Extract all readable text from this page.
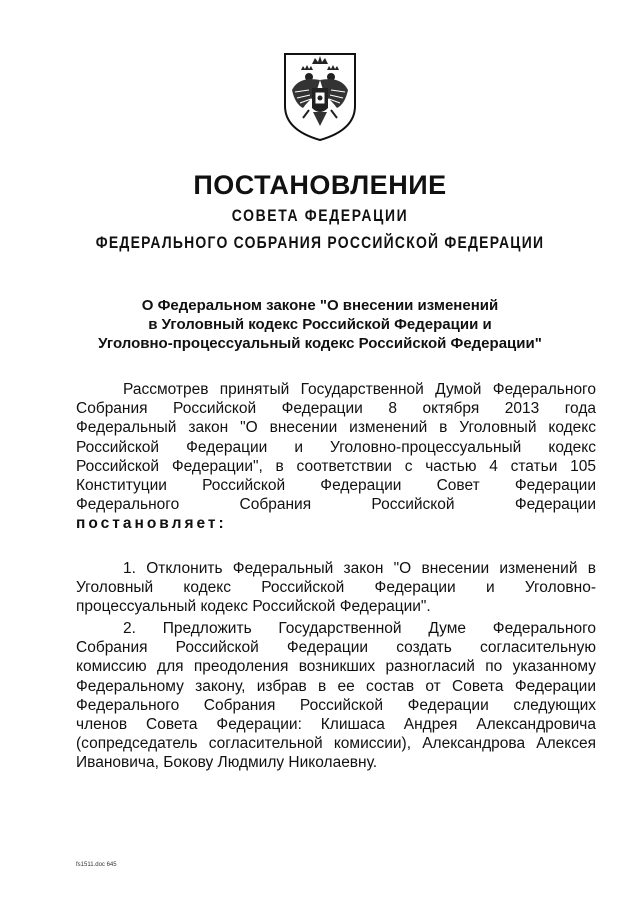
ПОСТАНОВЛЕНИЕ
СОВЕТА ФЕДЕРАЦИИ
ФЕДЕРАЛЬНОГО СОБРАНИЯ РОССИЙСКОЙ ФЕДЕРАЦИИ
О Федеральном законе "О внесении изменений
в Уголовный кодекс Российской Федерации и
Уголовно-процессуальный кодекс Российской Федерации"
Рассмотрев принятый Государственной Думой Федерального
Собрания Российской Федерации 8 октября 2013 года
Федеральный закон "О внесении изменений в Уголовный кодекс
Российской Федерации и Уголовно-процессуальный кодекс
Российской Федерации", в соответствии с частью 4 статьи 105
Конституции Российской Федерации Совет Федерации
Федерального Собрания Российской Федерации
постановляет:
1. Отклонить Федеральный закон "О внесении изменений в
Уголовный кодекс Российской Федерации и Уголовно-
процессуальный кодекс Российской Федерации".
2. Предложить Государственной Думе Федерального
Собрания Российской Федерации создать согласительную
комиссию для преодоления возникших разногласий по указанному
Федеральному закону, избрав в ее состав от Совета Федерации
Федерального Собрания Российской Федерации следующих
членов Совета Федерации: Клишаса Андрея Александровича
(сопредседатель согласительной комиссии), Александрова Алексея
Ивановича, Бокову Людмилу Николаевну.
fs1511.doc 645
